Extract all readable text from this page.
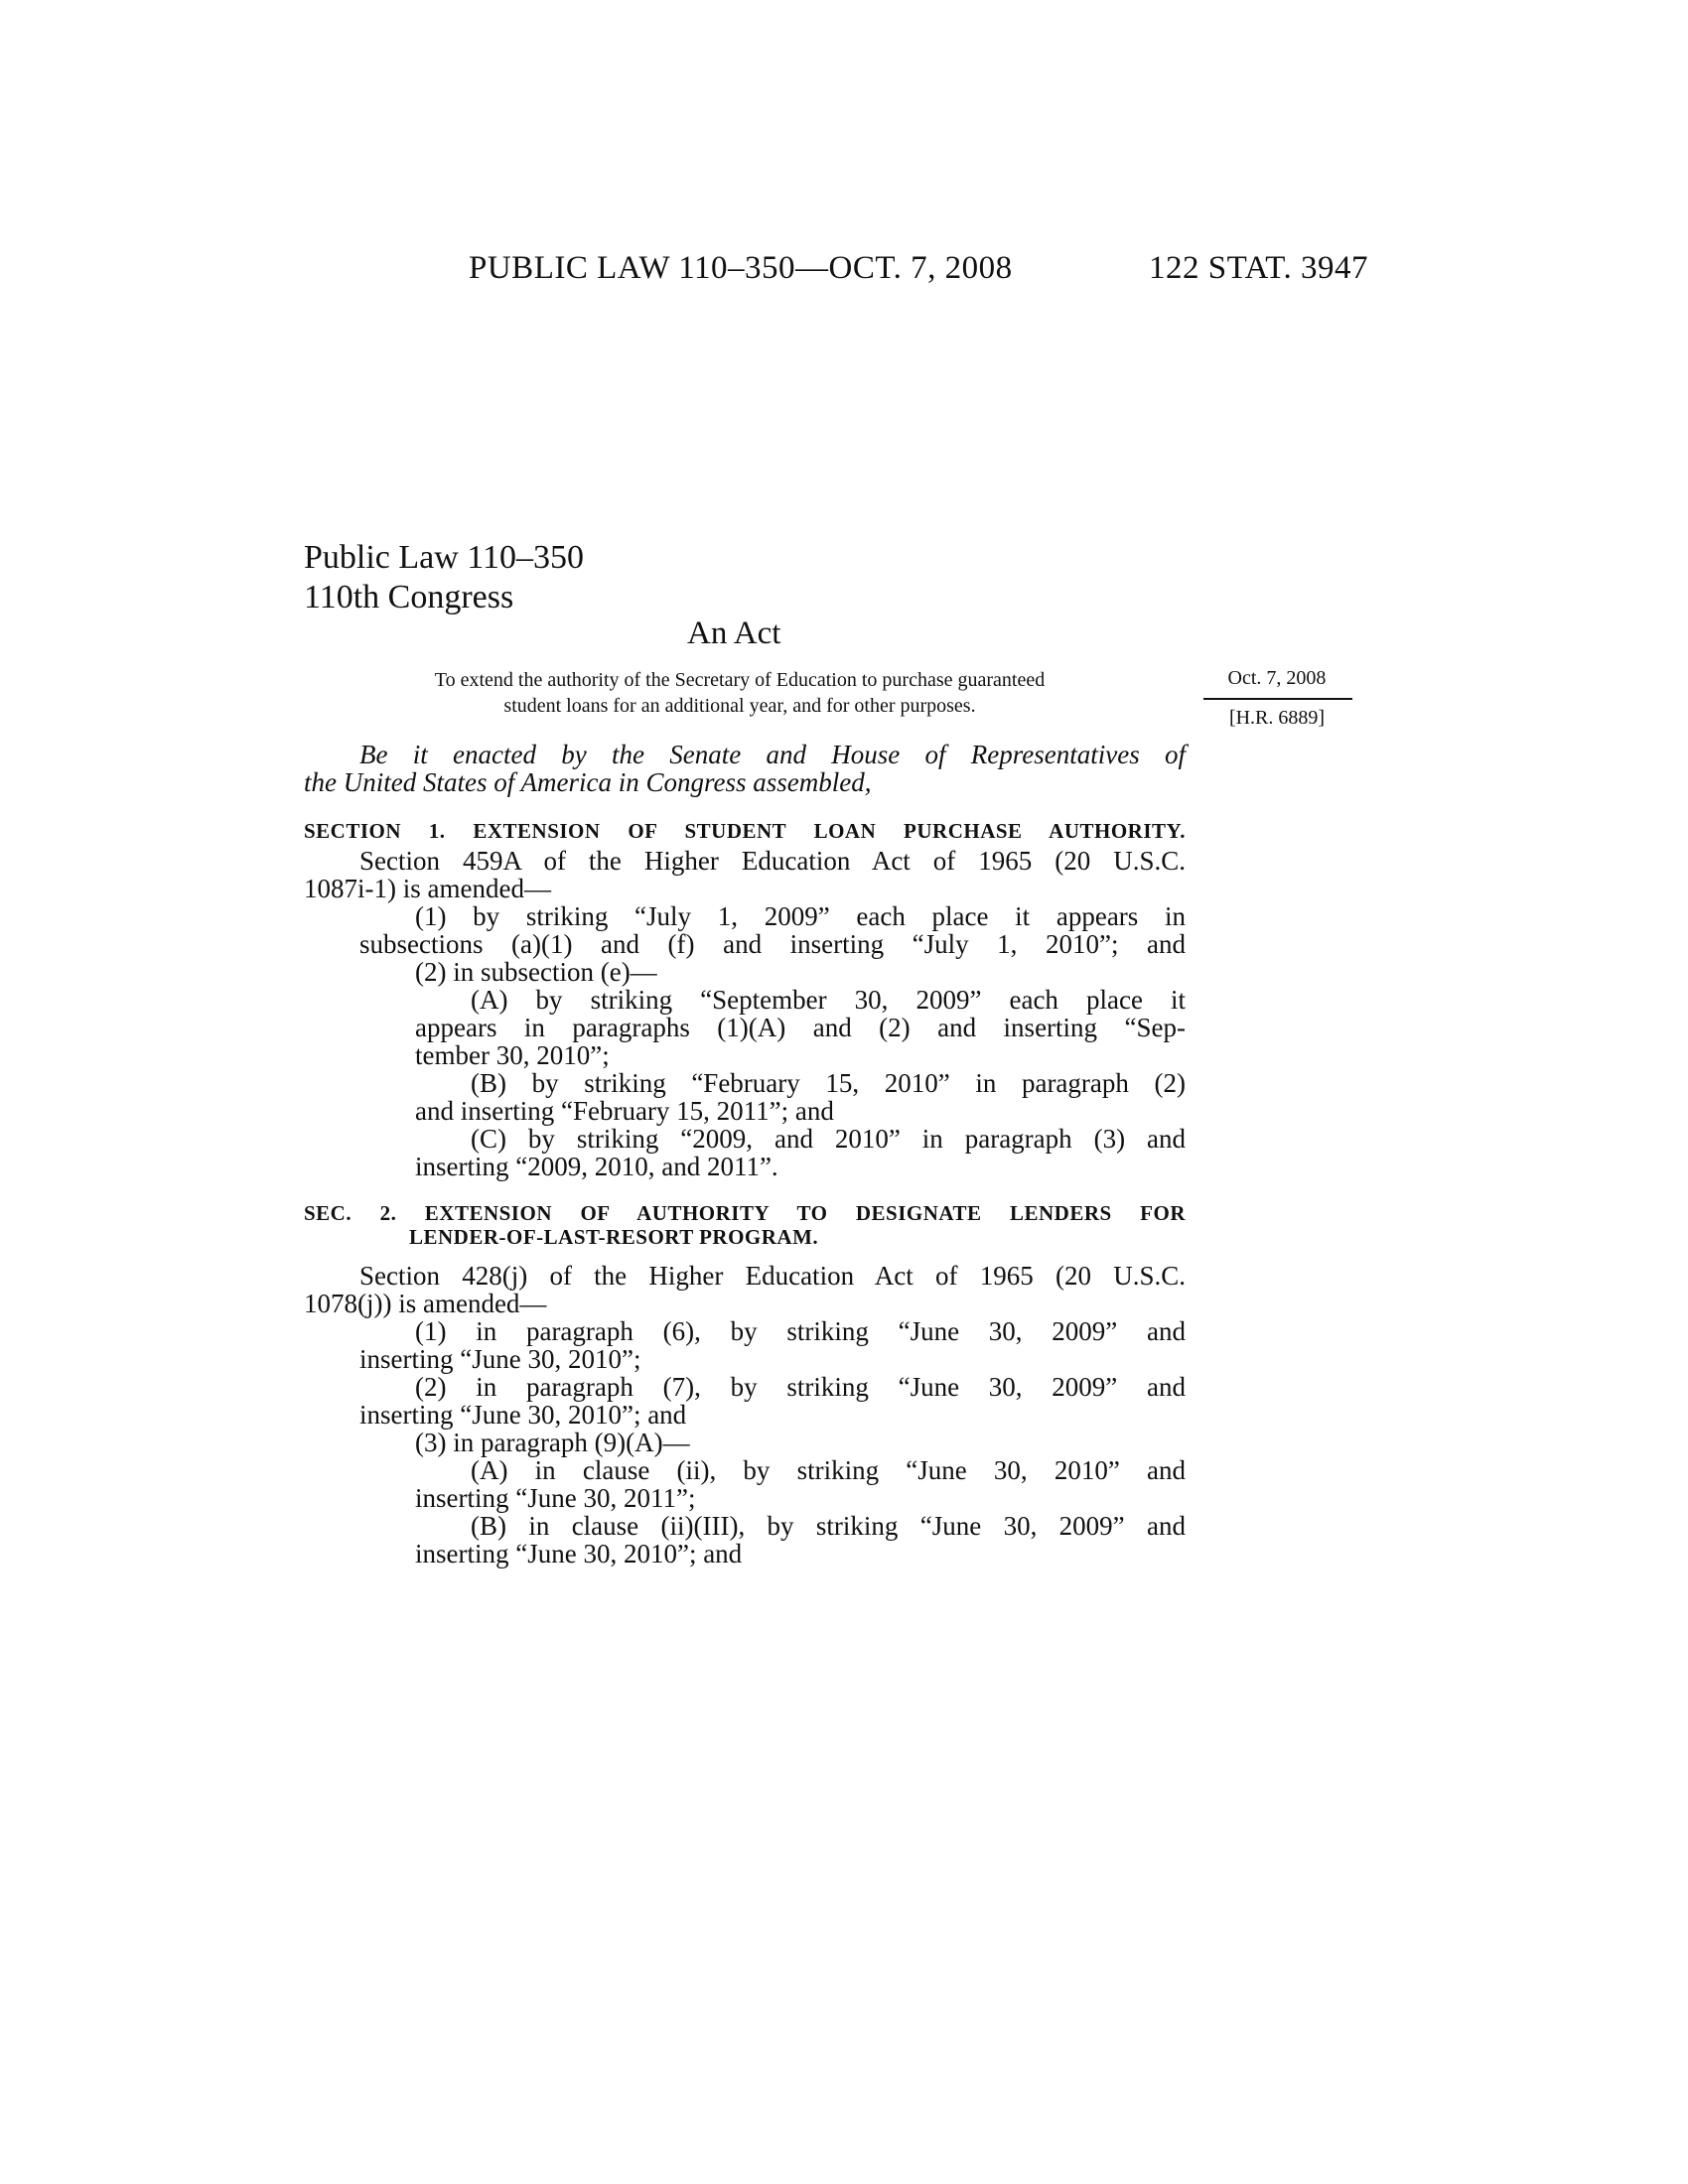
PUBLIC LAW 110–350—OCT. 7, 2008	122 STAT. 3947
Public Law 110–350
110th Congress
An Act
To extend the authority of the Secretary of Education to purchase guaranteed
student loans for an additional year, and for other purposes.
Oct. 7, 2008
[H.R. 6889]
Be it enacted by the Senate and House of Representatives of
the United States of America in Congress assembled,
SECTION 1. EXTENSION OF STUDENT LOAN PURCHASE AUTHORITY.
Section 459A of the Higher Education Act of 1965 (20 U.S.C.
1087i-1) is amended—
(1) by striking “July 1, 2009” each place it appears in
subsections (a)(1) and (f) and inserting “July 1, 2010”; and
(2) in subsection (e)—
(A) by striking “September 30, 2009” each place it
appears in paragraphs (1)(A) and (2) and inserting “Sep-
tember 30, 2010”;
(B) by striking “February 15, 2010” in paragraph (2)
and inserting “February 15, 2011”; and
(C) by striking “2009, and 2010” in paragraph (3) and
inserting “2009, 2010, and 2011”.
SEC. 2. EXTENSION OF AUTHORITY TO DESIGNATE LENDERS FOR
LENDER-OF-LAST-RESORT PROGRAM.
Section 428(j) of the Higher Education Act of 1965 (20 U.S.C.
1078(j)) is amended—
(1) in paragraph (6), by striking “June 30, 2009” and
inserting “June 30, 2010”;
(2) in paragraph (7), by striking “June 30, 2009” and
inserting “June 30, 2010”; and
(3) in paragraph (9)(A)—
(A) in clause (ii), by striking “June 30, 2010” and
inserting “June 30, 2011”;
(B) in clause (ii)(III), by striking “June 30, 2009” and
inserting “June 30, 2010”; and
